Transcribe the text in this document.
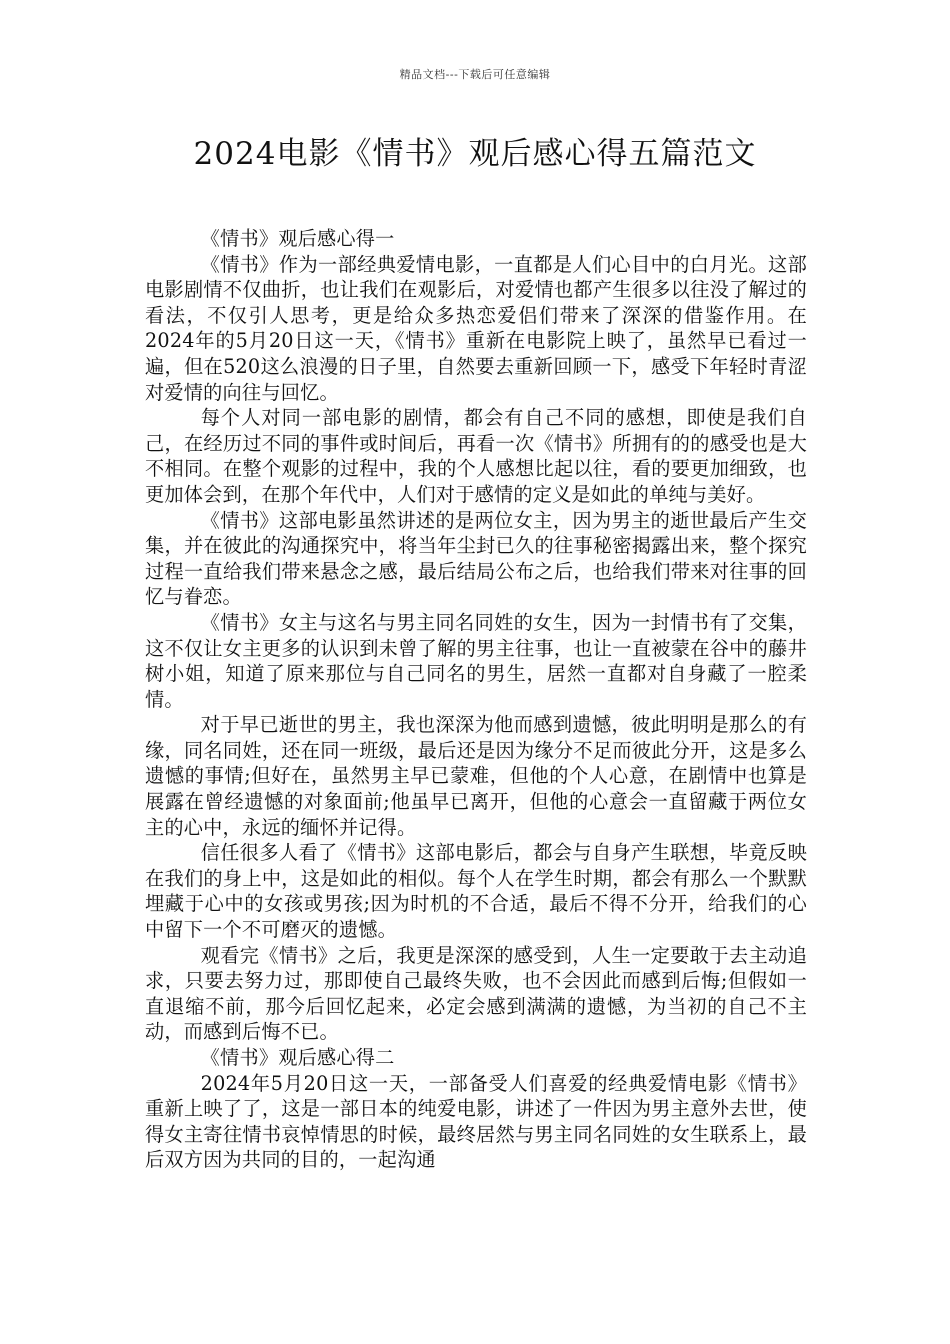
精品文档---下载后可任意编辑
2024电影《情书》观后感心得五篇范文

《情书》观后感心得一

《情书》作为一部经典爱情电影，一直都是人们心目中的白月光。这部电影剧情不仅曲折，也让我们在观影后，对爱情也都产生很多以往没了解过的看法，不仅引人思考，更是给众多热恋爱侣们带来了深深的借鉴作用。在2024年的5月20日这一天，《情书》重新在电影院上映了，虽然早已看过一遍，但在520这么浪漫的日子里，自然要去重新回顾一下，感受下年轻时青涩对爱情的向往与回忆。

每个人对同一部电影的剧情，都会有自己不同的感想，即使是我们自己，在经历过不同的事件或时间后，再看一次《情书》所拥有的的感受也是大不相同。在整个观影的过程中，我的个人感想比起以往，看的要更加细致，也更加体会到，在那个年代中，人们对于感情的定义是如此的单纯与美好。

《情书》这部电影虽然讲述的是两位女主，因为男主的逝世最后产生交集，并在彼此的沟通探究中，将当年尘封已久的往事秘密揭露出来，整个探究过程一直给我们带来悬念之感，最后结局公布之后，也给我们带来对往事的回忆与眷恋。

《情书》女主与这名与男主同名同姓的女生，因为一封情书有了交集，这不仅让女主更多的认识到未曾了解的男主往事，也让一直被蒙在谷中的藤井树小姐，知道了原来那位与自己同名的男生，居然一直都对自身藏了一腔柔情。

对于早已逝世的男主，我也深深为他而感到遗憾，彼此明明是那么的有缘，同名同姓，还在同一班级，最后还是因为缘分不足而彼此分开，这是多么遗憾的事情;但好在，虽然男主早已蒙难，但他的个人心意，在剧情中也算是展露在曾经遗憾的对象面前;他虽早已离开，但他的心意会一直留藏于两位女主的心中，永远的缅怀并记得。

信任很多人看了《情书》这部电影后，都会与自身产生联想，毕竟反映在我们的身上中，这是如此的相似。每个人在学生时期，都会有那么一个默默埋藏于心中的女孩或男孩;因为时机的不合适，最后不得不分开，给我们的心中留下一个不可磨灭的遗憾。

观看完《情书》之后，我更是深深的感受到，人生一定要敢于去主动追求，只要去努力过，那即使自己最终失败，也不会因此而感到后悔;但假如一直退缩不前，那今后回忆起来，必定会感到满满的遗憾，为当初的自己不主动，而感到后悔不已。

《情书》观后感心得二

2024年5月20日这一天，一部备受人们喜爱的经典爱情电影《情书》重新上映了了，这是一部日本的纯爱电影，讲述了一件因为男主意外去世，使得女主寄往情书哀悼情思的时候，最终居然与男主同名同姓的女生联系上，最后双方因为共同的目的，一起沟通
